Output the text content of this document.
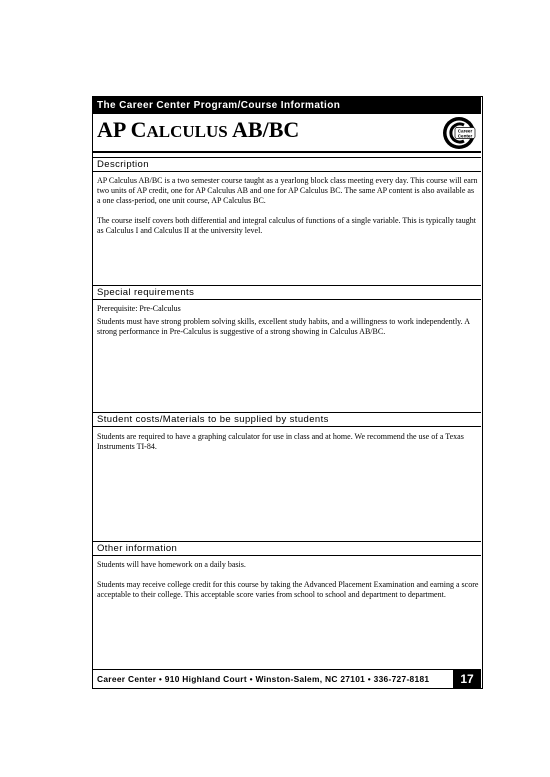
The Career Center Program/Course Information
AP CALCULUS AB/BC	Career
Center
Description

AP Calculus AB/BC is a two semester course taught as a yearlong block class meeting every day. This course will earn two units of AP credit, one for AP Calculus AB and one for AP Calculus BC. The same AP content is also available as a one class-period, one unit course, AP Calculus BC.

The course itself covers both differential and integral calculus of functions of a single variable. This is typically taught as Calculus I and Calculus II at the university level.

Special requirements

Prerequisite: Pre-Calculus

Students must have strong problem solving skills, excellent study habits, and a willingness to work independently. A strong performance in Pre-Calculus is suggestive of a strong showing in Calculus AB/BC.

Student costs/Materials to be supplied by students

Students are required to have a graphing calculator for use in class and at home. We recommend the use of a Texas Instruments TI-84.

Other information

Students will have homework on a daily basis.

Students may receive college credit for this course by taking the Advanced Placement Examination and earning a score acceptable to their college. This acceptable score varies from school to school and department to department.

Career Center • 910 Highland Court • Winston-Salem, NC 27101 • 336-727-8181	17
